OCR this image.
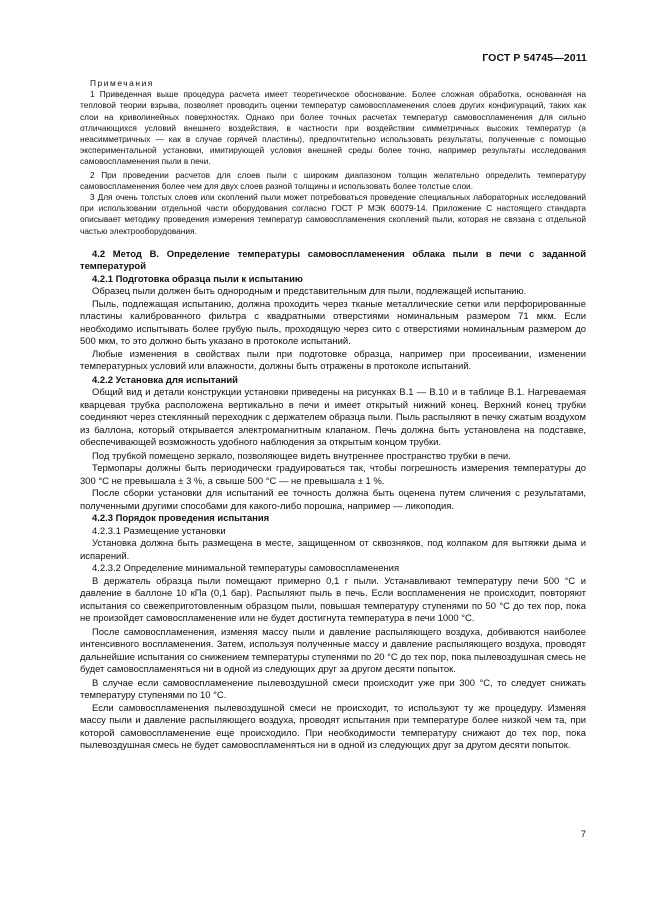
ГОСТ Р 54745—2011

Примечания

1 Приведенная выше процедура расчета имеет теоретическое обоснование. Более сложная обработка, основанная на тепловой теории взрыва, позволяет проводить оценки температур самовоспламенения слоев других конфигураций, таких как слои на криволинейных поверхностях. Однако при более точных расчетах температур самовоспламенения для сильно отличающихся условий внешнего воздействия, в частности при воздействии симметричных высоких температур (а неасимметричных — как в случае горячей пластины), предпочтительно использовать результаты, полученные с помощью экспериментальной установки, имитирующей условия внешней среды более точно, например результаты исследования самовоспламенения пыли в печи.

2 При проведении расчетов для слоев пыли с широким диапазоном толщин желательно определить температуру самовоспламенения более чем для двух слоев разной толщины и использовать более толстые слои.

3 Для очень толстых слоев или скоплений пыли может потребоваться проведение специальных лабораторных исследований при использовании отдельной части оборудования согласно ГОСТ Р МЭК 60079-14. Приложение С настоящего стандарта описывает методику проведения измерения температур самовоспламенения скоплений пыли, которая не связана с отдельной частью электрооборудования.

4.2 Метод В. Определение температуры самовоспламенения облака пыли в печи с заданной температурой

4.2.1 Подготовка образца пыли к испытанию

Образец пыли должен быть однородным и представительным для пыли, подлежащей испытанию.

Пыль, подлежащая испытанию, должна проходить через тканые металлические сетки или перфорированные пластины калиброванного фильтра с квадратными отверстиями номинальным размером 71 мкм. Если необходимо испытывать более грубую пыль, проходящую через сито с отверстиями номинальным размером до 500 мкм, то это должно быть указано в протоколе испытаний.

Любые изменения в свойствах пыли при подготовке образца, например при просеивании, изменении температурных условий или влажности, должны быть отражены в протоколе испытаний.

4.2.2 Установка для испытаний

Общий вид и детали конструкции установки приведены на рисунках В.1 — В.10 и в таблице В.1. Нагреваемая кварцевая трубка расположена вертикально в печи и имеет открытый нижний конец. Верхний конец трубки соединяют через стеклянный переходник с держателем образца пыли. Пыль распыляют в печку сжатым воздухом из баллона, который открывается электромагнитным клапаном. Печь должна быть установлена на подставке, обеспечивающей возможность удобного наблюдения за открытым концом трубки.

Под трубкой помещено зеркало, позволяющее видеть внутреннее пространство трубки в печи.

Термопары должны быть периодически градуироваться так, чтобы погрешность измерения температуры до 300 °С не превышала ± 3 %, а свыше 500 °С — не превышала ± 1 %.

После сборки установки для испытаний ее точность должна быть оценена путем сличения с результатами, полученными другими способами для какого-либо порошка, например — ликоподия.

4.2.3 Порядок проведения испытания

4.2.3.1 Размещение установки

Установка должна быть размещена в месте, защищенном от сквозняков, под колпаком для вытяжки дыма и испарений.

4.2.3.2 Определение минимальной температуры самовоспламенения

В держатель образца пыли помещают примерно 0,1 г пыли. Устанавливают температуру печи 500 °С и давление в баллоне 10 кПа (0,1 бар). Распыляют пыль в печь. Если воспламенения не происходит, повторяют испытания со свежеприготовленным образцом пыли, повышая температуру ступенями по 50 °С до тех пор, пока не произойдет самовоспламенение или не будет достигнута температура в печи 1000 °С.

После самовоспламенения, изменяя массу пыли и давление распыляющего воздуха, добиваются наиболее интенсивного воспламенения. Затем, используя полученные массу и давление распыляющего воздуха, проводят дальнейшие испытания со снижением температуры ступенями по 20 °С до тех пор, пока пылевоздушная смесь не будет самовоспламеняться ни в одной из следующих друг за другом десяти попыток.

В случае если самовоспламенение пылевоздушной смеси происходит уже при 300 °С, то следует снижать температуру ступенями по 10 °С.

Если самовоспламенения пылевоздушной смеси не происходит, то используют ту же процедуру. Изменяя массу пыли и давление распыляющего воздуха, проводят испытания при температуре более низкой чем та, при которой самовоспламенение еще происходило. При необходимости температуру снижают до тех пор, пока пылевоздушная смесь не будет самовоспламеняться ни в одной из следующих друг за другом десяти попыток.

7
